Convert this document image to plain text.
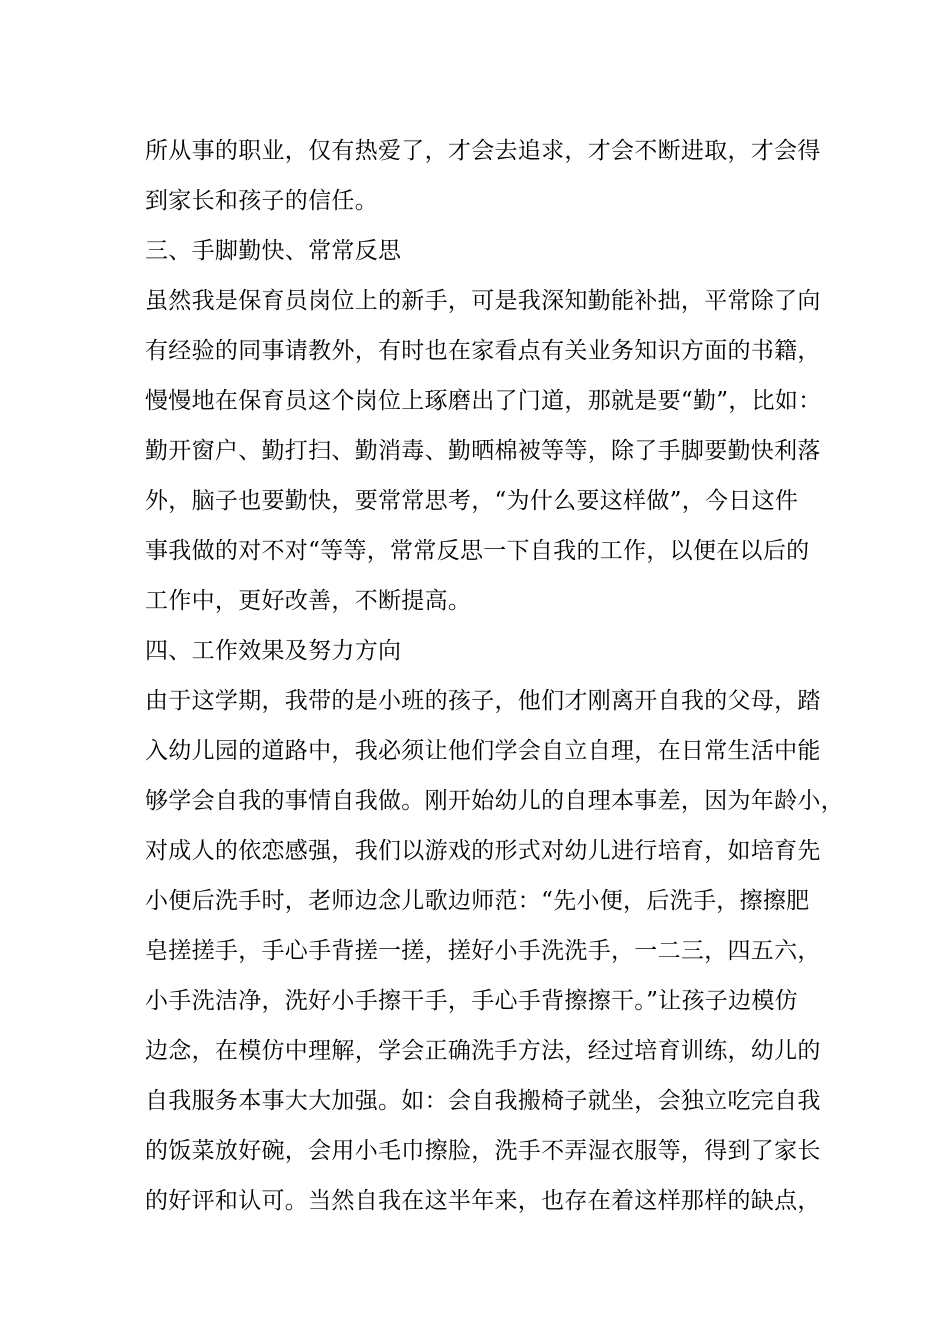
所从事的职业，仅有热爱了，才会去追求，才会不断进取，才会得
到家长和孩子的信任。
三、手脚勤快、常常反思
虽然我是保育员岗位上的新手，可是我深知勤能补拙，平常除了向
有经验的同事请教外，有时也在家看点有关业务知识方面的书籍，
慢慢地在保育员这个岗位上琢磨出了门道，那就是要“勤”，比如：
勤开窗户、勤打扫、勤消毒、勤晒棉被等等，除了手脚要勤快利落
外，脑子也要勤快，要常常思考，“为什么要这样做”，今日这件
事我做的对不对“等等，常常反思一下自我的工作，以便在以后的
工作中，更好改善，不断提高。
四、工作效果及努力方向
由于这学期，我带的是小班的孩子，他们才刚离开自我的父母，踏
入幼儿园的道路中，我必须让他们学会自立自理，在日常生活中能
够学会自我的事情自我做。刚开始幼儿的自理本事差，因为年龄小，
对成人的依恋感强，我们以游戏的形式对幼儿进行培育，如培育先
小便后洗手时，老师边念儿歌边师范：“先小便，后洗手，擦擦肥
皂搓搓手，手心手背搓一搓，搓好小手洗洗手，一二三，四五六，
小手洗洁净，洗好小手擦干手，手心手背擦擦干。”让孩子边模仿
边念，在模仿中理解，学会正确洗手方法，经过培育训练，幼儿的
自我服务本事大大加强。如：会自我搬椅子就坐，会独立吃完自我
的饭菜放好碗，会用小毛巾擦脸，洗手不弄湿衣服等，得到了家长
的好评和认可。当然自我在这半年来，也存在着这样那样的缺点，
